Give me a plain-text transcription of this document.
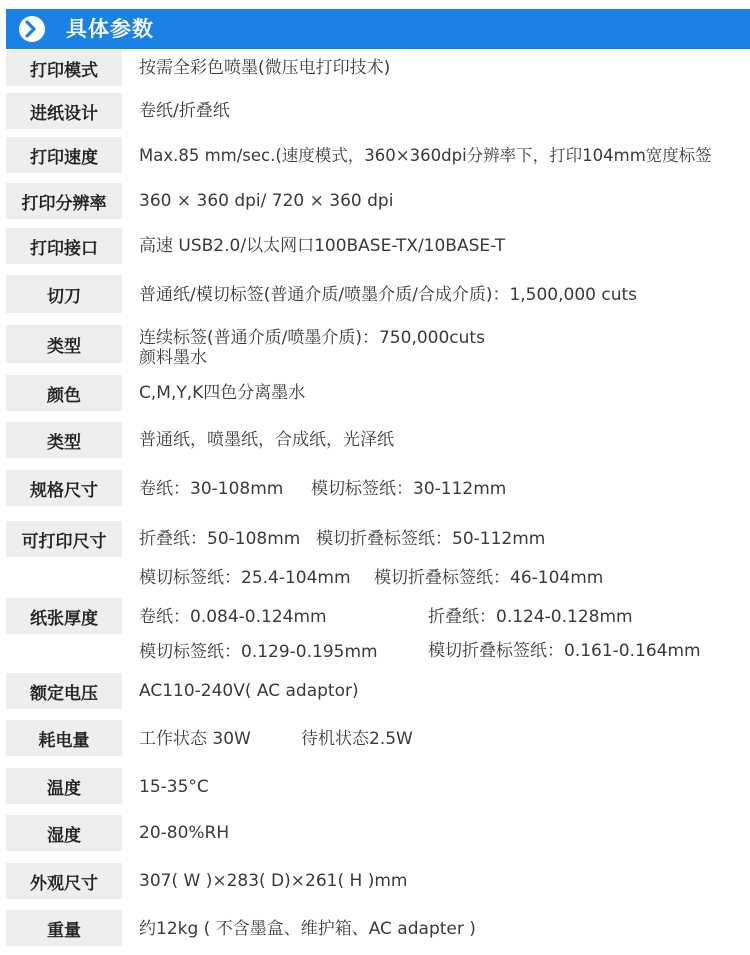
具体参数
打印模式	按需全彩色喷墨(微压电打印技术)
进纸设计	卷纸/折叠纸
打印速度	Max.85 mm/sec.(速度模式，360×360dpi分辨率下，打印104mm宽度标签
打印分辨率	360 × 360 dpi/ 720 × 360 dpi
打印接口	高速 USB2.0/以太网口100BASE-TX/10BASE-T
切刀	普通纸/模切标签(普通介质/喷墨介质/合成介质)：1,500,000 cuts
类型	连续标签(普通介质/喷墨介质)：750,000cuts
颜料墨水
颜色	C,M,Y,K四色分离墨水
类型	普通纸，喷墨纸，合成纸，光泽纸
规格尺寸	卷纸：30-108mm 模切标签纸：30-112mm
可打印尺寸	折叠纸：50-108mm 模切折叠标签纸：50-112mm
模切标签纸：25.4-104mm 模切折叠标签纸：46-104mm
纸张厚度	卷纸：0.084-0.124mm	折叠纸：0.124-0.128mm
模切标签纸：0.129-0.195mm	模切折叠标签纸：0.161-0.164mm
额定电压	AC110-240V( AC adaptor)
耗电量	工作状态 30W	待机状态2.5W
温度	15-35°C
湿度	20-80%RH
外观尺寸	307( W )×283( D)×261( H )mm
重量	约12kg ( 不含墨盒、维护箱、AC adapter )
